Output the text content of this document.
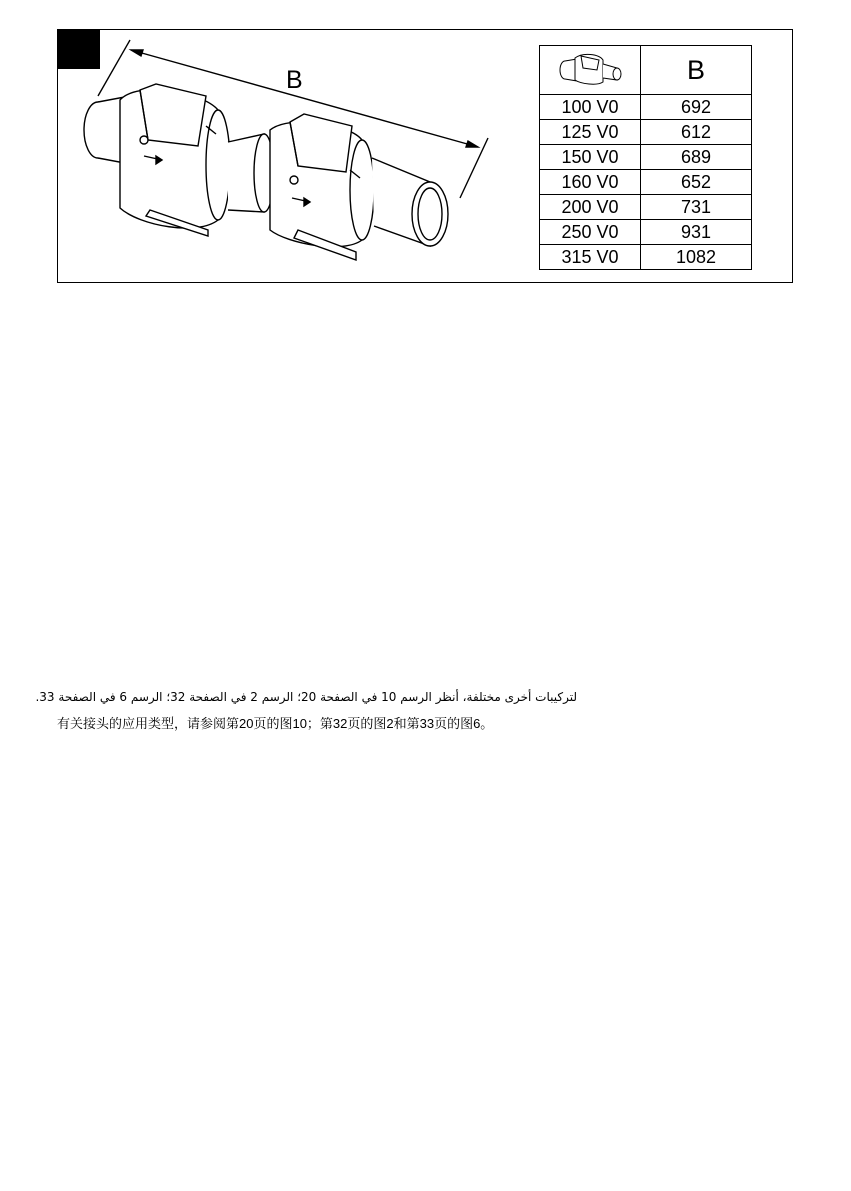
B
		B
100 V0	692
125 V0	612
150 V0	689
160 V0	652
200 V0	731
250 V0	931
315 V0	1082
لتركيبات أخرى مختلفة، أنظر الرسم 10 في الصفحة 20؛ الرسم 2 في الصفحة 32؛ الرسم 6 في الصفحة 33.
有关接头的应用类型，请参阅第20页的图10；第32页的图2和第33页的图6。
